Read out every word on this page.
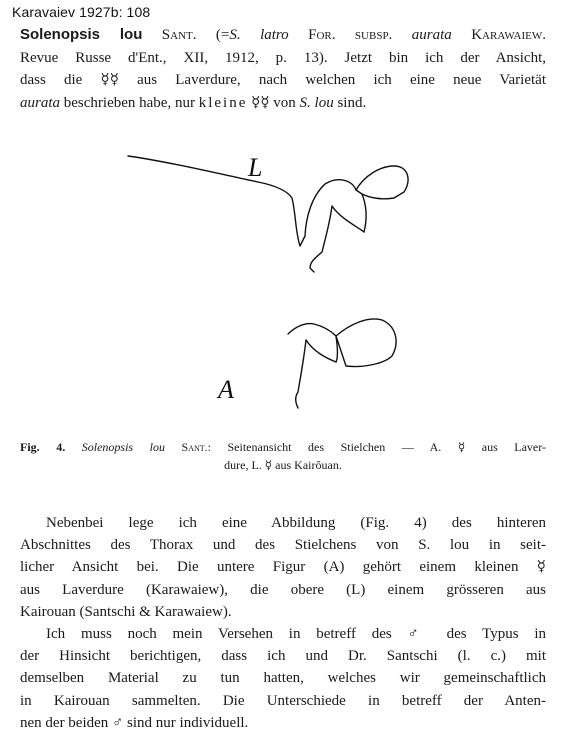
Karavaiev 1927b: 108
Solenopsis lou Sant. (=S. latro For. subsp. aurata Karawaiew.
Revue Russe d'Ent., XII, 1912, p. 13). Jetzt bin ich der Ansicht,
dass die ☿☿ aus Laverdure, nach welchen ich eine neue Varietät
aurata beschrieben habe, nur kleine ☿☿ von S. lou sind.
L
A
Fig. 4. Solenopsis lou Sant.: Seitenansicht des Stielchen — A. ☿ aus Laver-
dure, L. ☿ aus Kairôuan.
Nebenbei lege ich eine Abbildung (Fig. 4) des hinteren
Abschnittes des Thorax und des Stielchens von S. lou in seit-
licher Ansicht bei. Die untere Figur (A) gehört einem kleinen ☿
aus Laverdure (Karawaiew), die obere (L) einem grösseren aus
Kairouan (Santschi & Karawaiew).
Ich muss noch mein Versehen in betreff des ♂ des Typus in
der Hinsicht berichtigen, dass ich und Dr. Santschi (l. c.) mit
demselben Material zu tun hatten, welches wir gemeinschaftlich
in Kairouan sammelten. Die Unterschiede in betreff der Anten-
nen der beiden ♂ sind nur individuell.
